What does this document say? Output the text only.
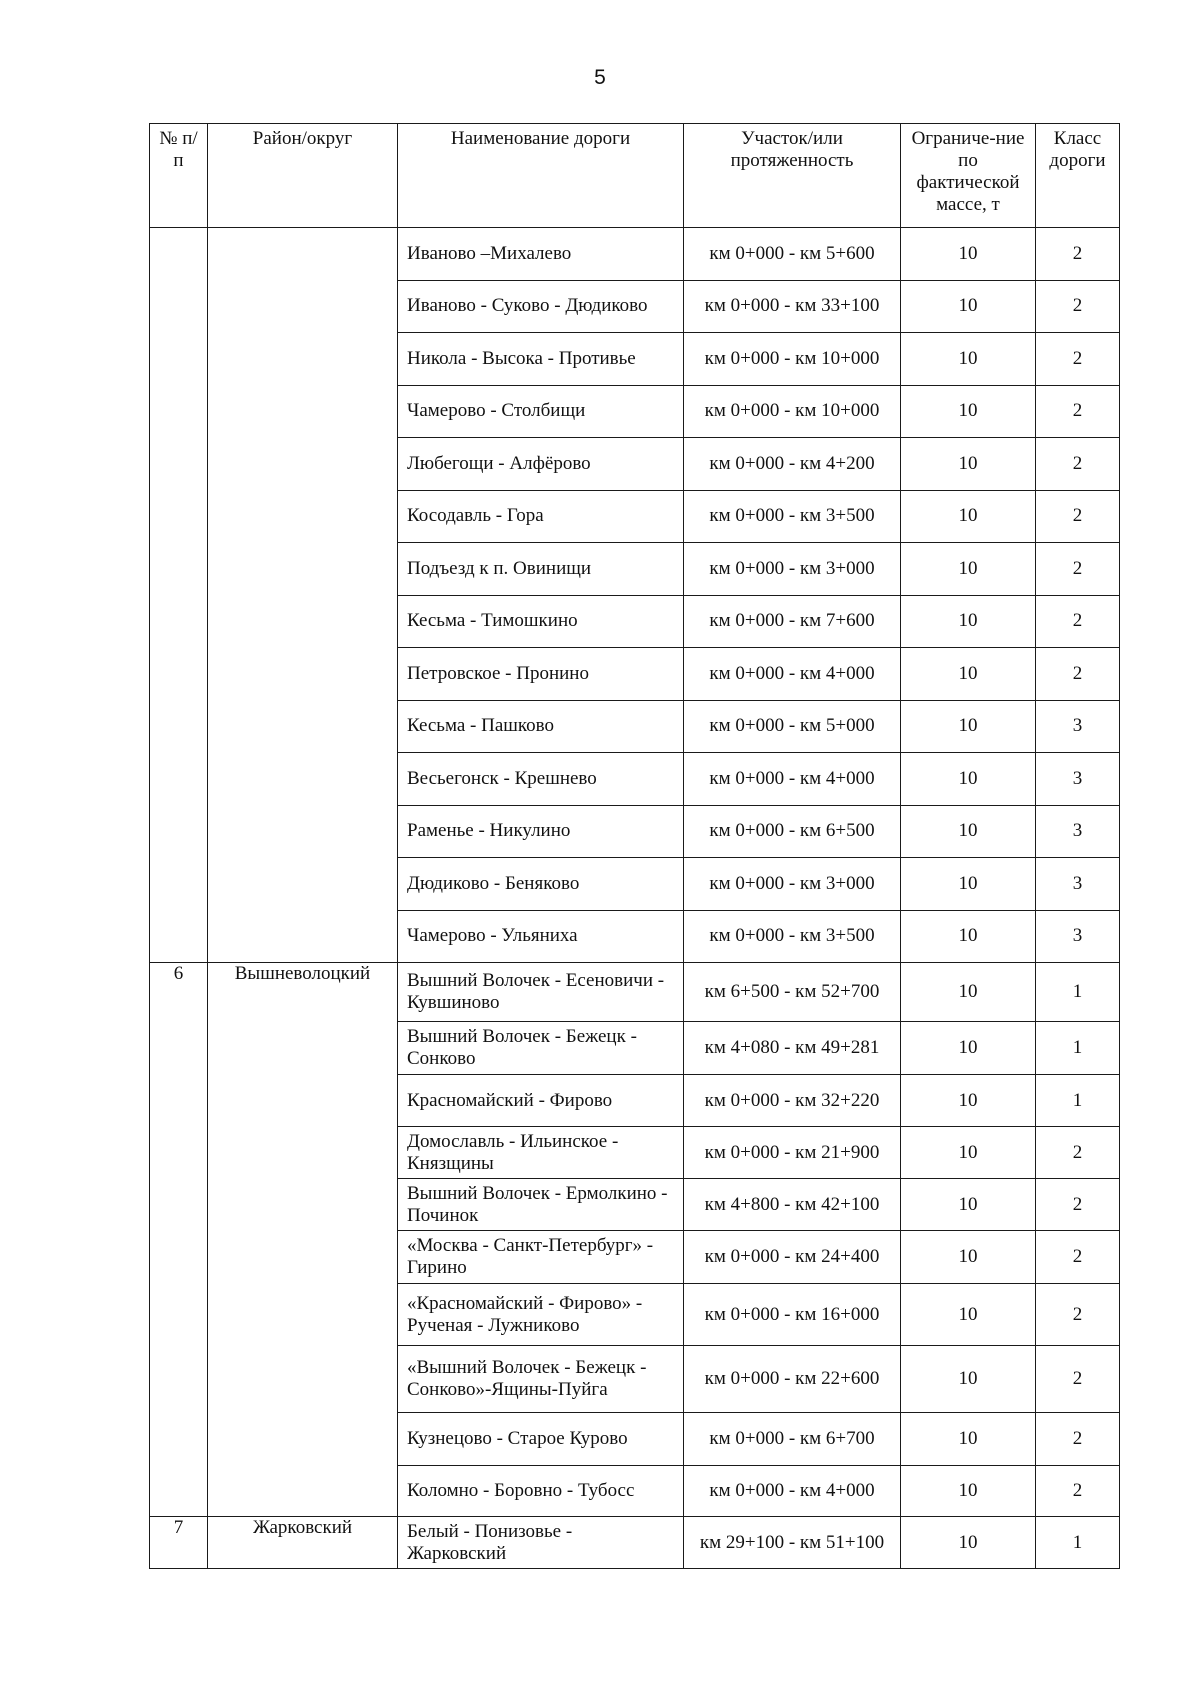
5
№ п/п	Район/округ	Наименование дороги	Участок/или протяженность	Ограниче-ние по фактической массе, т	Класс дороги
		Иваново –Михалево	км 0+000 - км 5+600	10	2
		Иваново - Суково - Дюдиково	км 0+000 - км 33+100	10	2
		Никола - Высока - Противье	км 0+000 - км 10+000	10	2
		Чамерово - Столбищи	км 0+000 - км 10+000	10	2
		Любегощи - Алфёрово	км 0+000 - км 4+200	10	2
		Косодавль - Гора	км 0+000 - км 3+500	10	2
		Подъезд к п. Овинищи	км 0+000 - км 3+000	10	2
		Кесьма - Тимошкино	км 0+000 - км 7+600	10	2
		Петровское - Пронино	км 0+000 - км 4+000	10	2
		Кесьма - Пашково	км 0+000 - км 5+000	10	3
		Весьегонск - Крешнево	км 0+000 - км 4+000	10	3
		Раменье - Никулино	км 0+000 - км 6+500	10	3
		Дюдиково - Беняково	км 0+000 - км 3+000	10	3
		Чамерово - Ульяниха	км 0+000 - км 3+500	10	3
6	Вышневолоцкий	Вышний Волочек - Есеновичи - Кувшиново	км 6+500 - км 52+700	10	1
		Вышний Волочек - Бежецк - Сонково	км 4+080 - км 49+281	10	1
		Красномайский - Фирово	км 0+000 - км 32+220	10	1
		Домославль - Ильинское - Князщины	км 0+000 - км 21+900	10	2
		Вышний Волочек - Ермолкино - Починок	км 4+800 - км 42+100	10	2
		«Москва - Санкт-Петербург» - Гирино	км 0+000 - км 24+400	10	2
		«Красномайский - Фирово» - Рученая - Лужниково	км 0+000 - км 16+000	10	2
		«Вышний Волочек - Бежецк - Сонково»-Ящины-Пуйга	км 0+000 - км 22+600	10	2
		Кузнецово - Старое Курово	км 0+000 - км 6+700	10	2
		Коломно - Боровно - Тубосс	км 0+000 - км 4+000	10	2
7	Жарковский	Белый - Понизовье - Жарковский	км 29+100 - км 51+100	10	1
